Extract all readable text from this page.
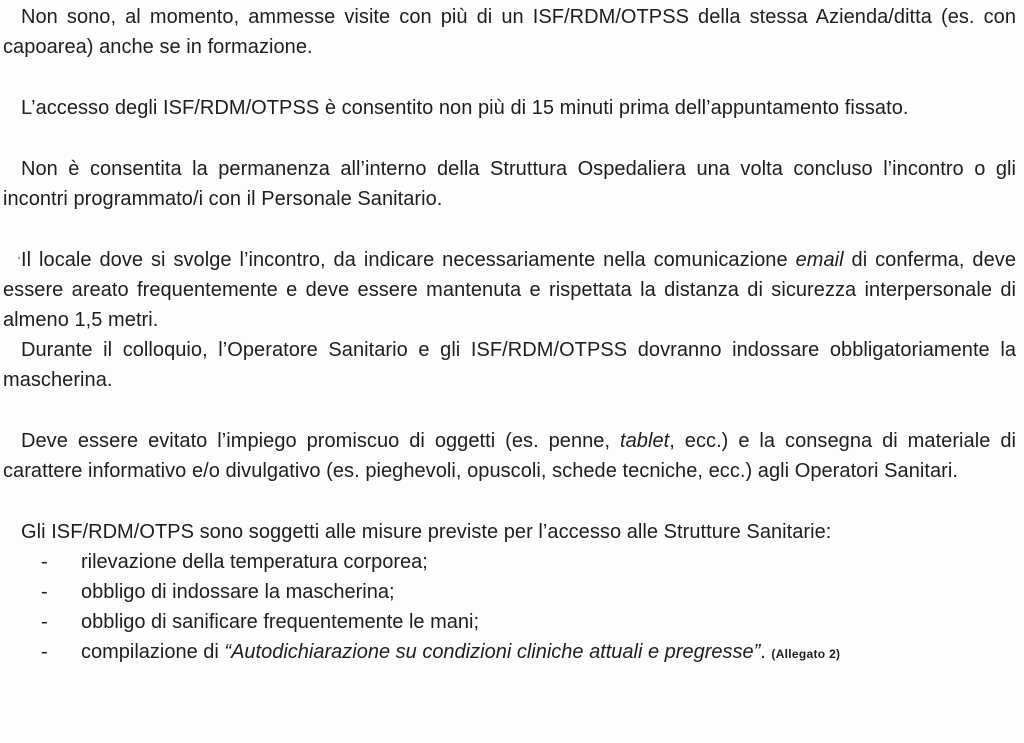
Non sono, al momento, ammesse visite con più di un ISF/RDM/OTPSS della stessa Azienda/ditta (es. con capoarea) anche se in formazione.

L’accesso degli ISF/RDM/OTPSS è consentito non più di 15 minuti prima dell’appuntamento fissato.

Non è consentita la permanenza all’interno della Struttura Ospedaliera una volta concluso l’incontro o gli incontri programmato/i con il Personale Sanitario.

Il locale dove si svolge l’incontro, da indicare necessariamente nella comunicazione email di conferma, deve essere areato frequentemente e deve essere mantenuta e rispettata la distanza di sicurezza interpersonale di almeno 1,5 metri.

Durante il colloquio, l’Operatore Sanitario e gli ISF/RDM/OTPSS dovranno indossare obbligatoriamente la mascherina.

Deve essere evitato l’impiego promiscuo di oggetti (es. penne, tablet, ecc.) e la consegna di materiale di carattere informativo e/o divulgativo (es. pieghevoli, opuscoli, schede tecniche, ecc.) agli Operatori Sanitari.

Gli ISF/RDM/OTPS sono soggetti alle misure previste per l’accesso alle Strutture Sanitarie:

- rilevazione della temperatura corporea;
- obbligo di indossare la mascherina;
- obbligo di sanificare frequentemente le mani;
- compilazione di “Autodichiarazione su condizioni cliniche attuali e pregresse”. (Allegato 2)
